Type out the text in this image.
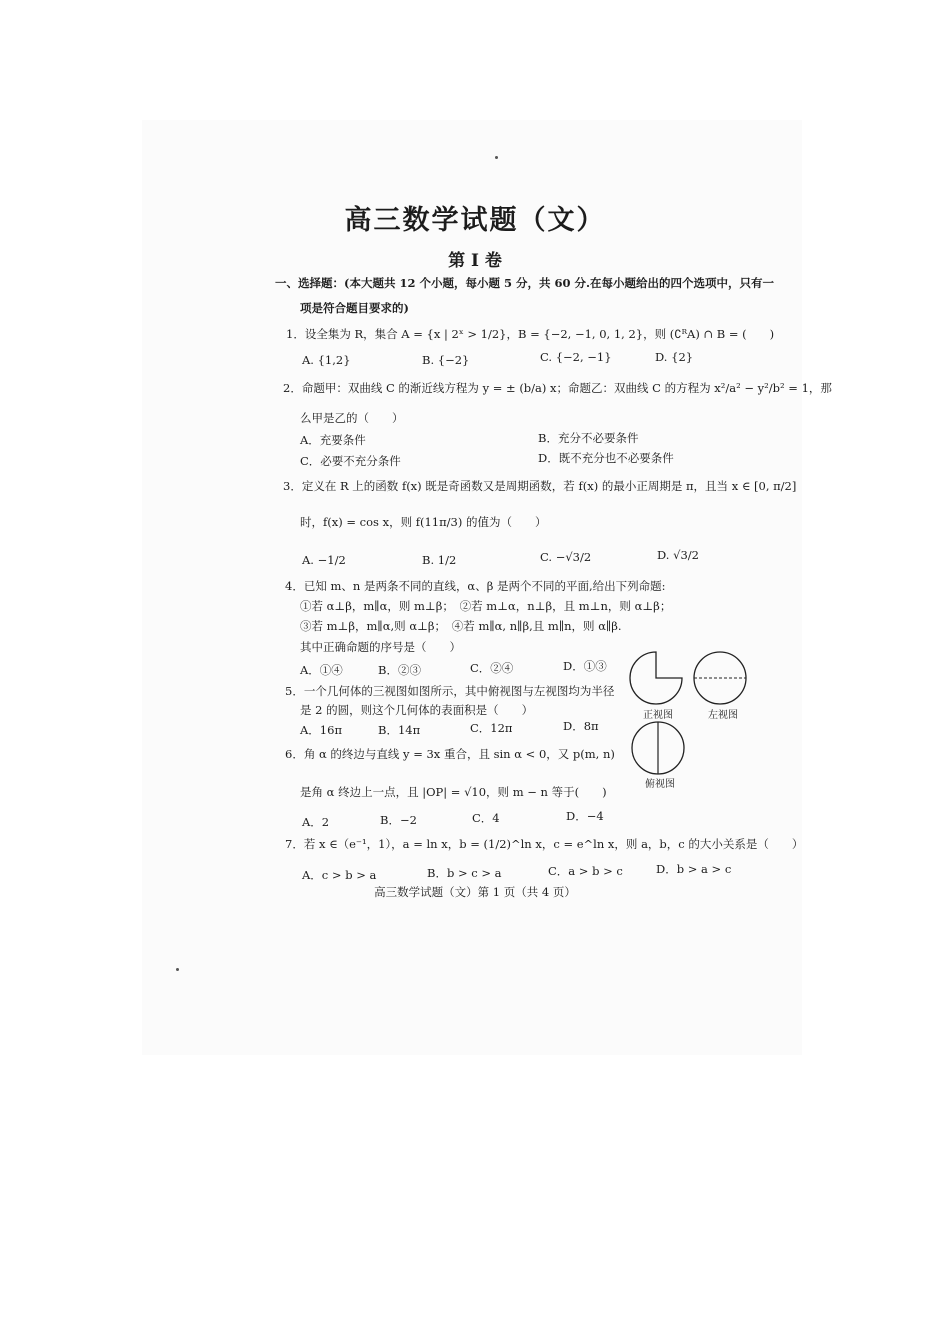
高三数学试题（文）
第 I 卷
一、选择题：(本大题共 12 个小题，每小题 5 分，共 60 分.在每小题给出的四个选项中，只有一
项是符合题目要求的)
1．设全集为 R，集合 A = {x | 2ˣ > 1/2}，B = {−2, −1, 0, 1, 2}，则 (∁ᴿA) ∩ B = (　　)
A. {1,2}	B. {−2}	C. {−2, −1}	D. {2}
2．命题甲：双曲线 C 的渐近线方程为 y = ± (b/a) x；命题乙：双曲线 C 的方程为 x²/a² − y²/b² = 1，那
么甲是乙的（　　）
A．充要条件	B．充分不必要条件
C．必要不充分条件	D．既不充分也不必要条件
3．定义在 R 上的函数 f(x) 既是奇函数又是周期函数，若 f(x) 的最小正周期是 π，且当 x ∈ [0, π/2]
时，f(x) = cos x，则 f(11π/3) 的值为（　　）
A. −1/2	B. 1/2	C. −√3/2	D. √3/2
4．已知 m、n 是两条不同的直线，α、β 是两个不同的平面,给出下列命题:
①若 α⊥β，m∥α，则 m⊥β；　②若 m⊥α，n⊥β，且 m⊥n，则 α⊥β；
③若 m⊥β，m∥α,则 α⊥β；　④若 m∥α, n∥β,且 m∥n，则 α∥β.
其中正确命题的序号是（　　）
A．①④	B．②③	C．②④	D．①③
5．一个几何体的三视图如图所示，其中俯视图与左视图均为半径
是 2 的圆，则这个几何体的表面积是（　　）
A．16π	B．14π	C．12π	D．8π
正视图	左视图
俯视图
6．角 α 的终边与直线 y = 3x 重合，且 sin α < 0，又 p(m, n)
是角 α 终边上一点，且 |OP| = √10，则 m − n 等于(　　)
A．2	B．−2	C．4	D．−4
7．若 x ∈（e⁻¹，1），a = ln x，b = (1/2)^ln x，c = e^ln x，则 a，b，c 的大小关系是（　　）
A．c > b > a	B．b > c > a	C．a > b > c	D．b > a > c
高三数学试题（文）第 1 页（共 4 页）
